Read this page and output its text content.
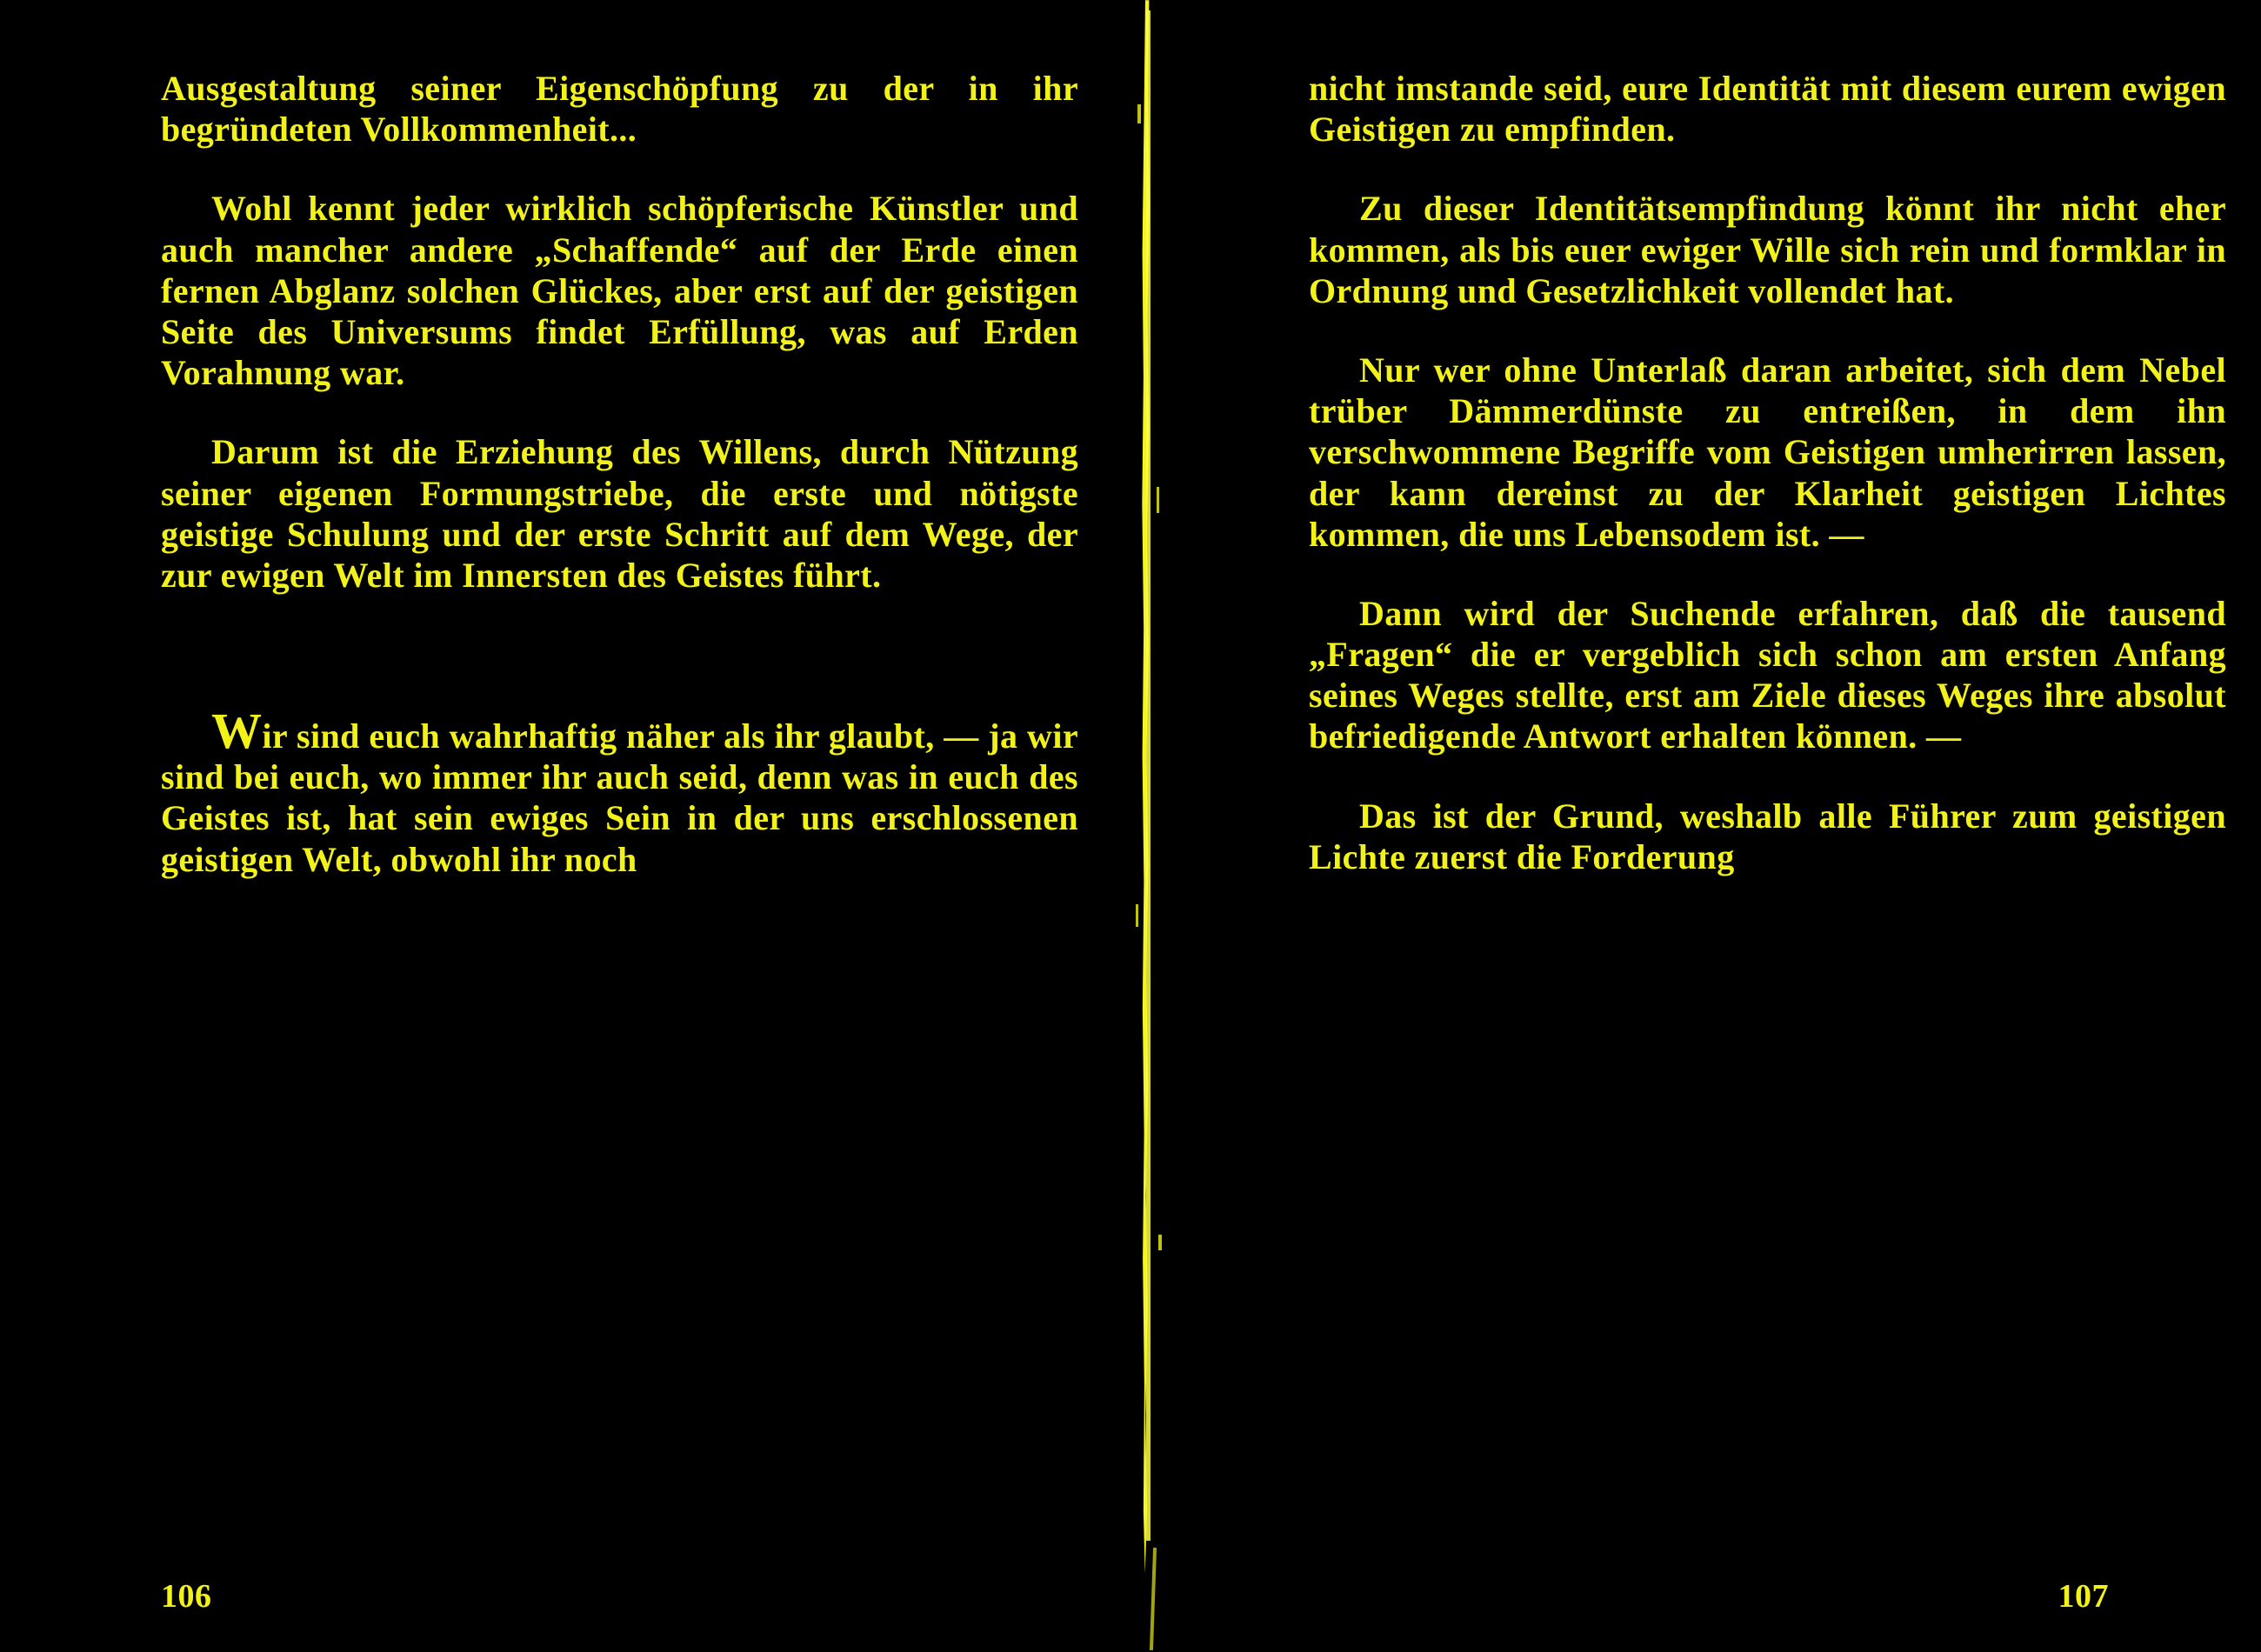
Ausgestaltung seiner Eigenschöpfung zu der in ihr begründeten Vollkommenheit...

Wohl kennt jeder wirklich schöpferische Künstler und auch mancher andere „Schaffende“ auf der Erde einen fernen Abglanz solchen Glückes, aber erst auf der geistigen Seite des Universums findet Erfüllung, was auf Erden Vorahnung war.

Darum ist die Erziehung des Willens, durch Nützung seiner eigenen Formungstriebe, die erste und nötigste geistige Schulung und der erste Schritt auf dem Wege, der zur ewigen Welt im Innersten des Geistes führt.

Wir sind euch wahrhaftig näher als ihr glaubt, — ja wir sind bei euch, wo immer ihr auch seid, denn was in euch des Geistes ist, hat sein ewiges Sein in der uns erschlossenen geistigen Welt, obwohl ihr noch

106

nicht imstande seid, eure Identität mit diesem eurem ewigen Geistigen zu empfinden.

Zu dieser Identitätsempfindung könnt ihr nicht eher kommen, als bis euer ewiger Wille sich rein und formklar in Ordnung und Gesetzlichkeit vollendet hat.

Nur wer ohne Unterlaß daran arbeitet, sich dem Nebel trüber Dämmerdünste zu entreißen, in dem ihn verschwommene Begriffe vom Geistigen umherirren lassen, der kann dereinst zu der Klarheit geistigen Lichtes kommen, die uns Lebensodem ist. —

Dann wird der Suchende erfahren, daß die tausend „Fragen“ die er vergeblich sich schon am ersten Anfang seines Weges stellte, erst am Ziele dieses Weges ihre absolut befriedigende Antwort erhalten können. —

Das ist der Grund, weshalb alle Führer zum geistigen Lichte zuerst die Forderung

107
